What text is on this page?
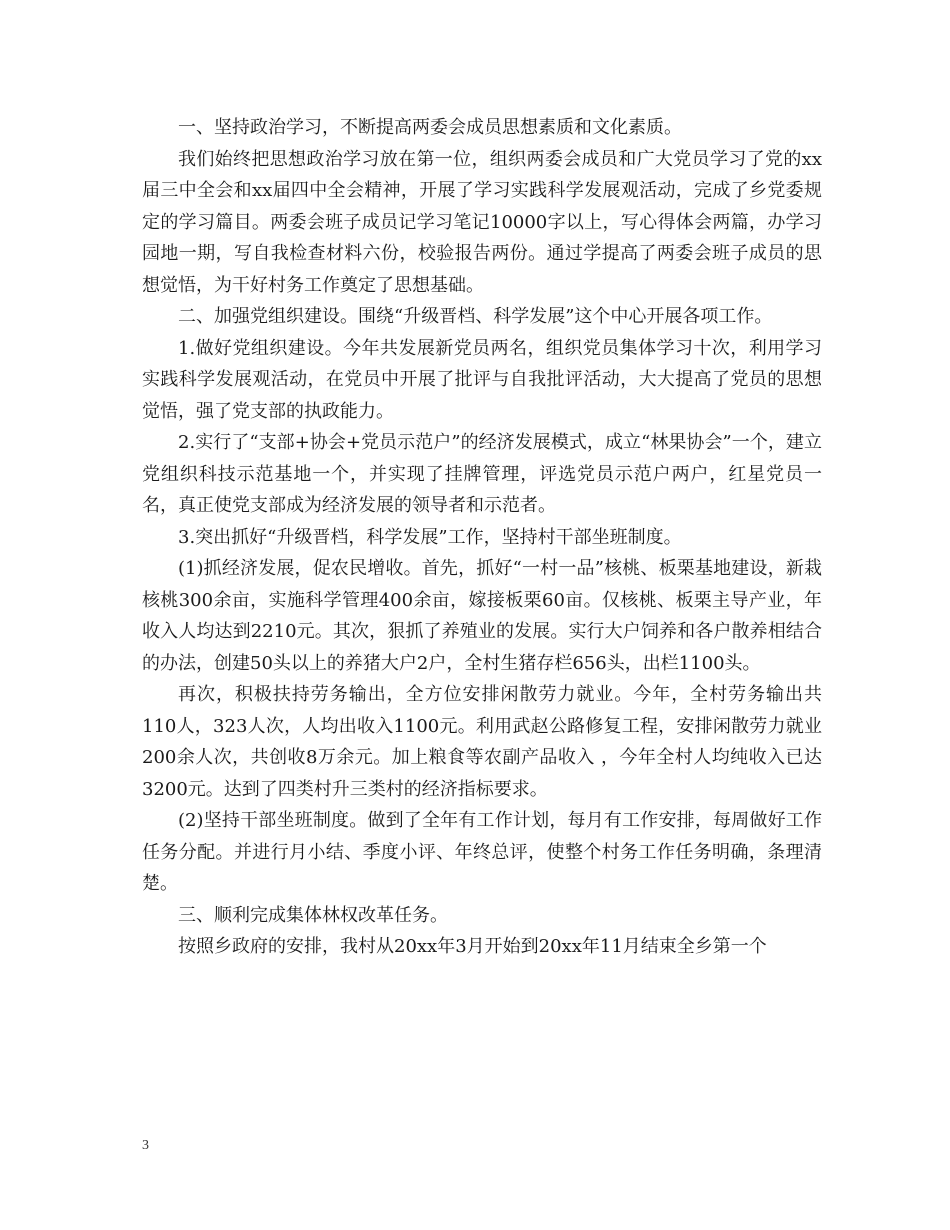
一、坚持政治学习，不断提高两委会成员思想素质和文化素质。

我们始终把思想政治学习放在第一位，组织两委会成员和广大党员学习了党的xx届三中全会和xx届四中全会精神，开展了学习实践科学发展观活动，完成了乡党委规定的学习篇目。两委会班子成员记学习笔记10000字以上，写心得体会两篇，办学习园地一期，写自我检查材料六份，校验报告两份。通过学提高了两委会班子成员的思想觉悟，为干好村务工作奠定了思想基础。

二、加强党组织建设。围绕“升级晋档、科学发展”这个中心开展各项工作。

1.做好党组织建设。今年共发展新党员两名，组织党员集体学习十次，利用学习实践科学发展观活动，在党员中开展了批评与自我批评活动，大大提高了党员的思想觉悟，强了党支部的执政能力。

2.实行了“支部+协会+党员示范户”的经济发展模式，成立“林果协会”一个，建立党组织科技示范基地一个，并实现了挂牌管理，评选党员示范户两户，红星党员一名，真正使党支部成为经济发展的领导者和示范者。

3.突出抓好“升级晋档，科学发展”工作，坚持村干部坐班制度。

(1)抓经济发展，促农民增收。首先，抓好“一村一品”核桃、板栗基地建设，新栽核桃300余亩，实施科学管理400余亩，嫁接板栗60亩。仅核桃、板栗主导产业，年收入人均达到2210元。其次，狠抓了养殖业的发展。实行大户饲养和各户散养相结合的办法，创建50头以上的养猪大户2户，全村生猪存栏656头，出栏1100头。

再次，积极扶持劳务输出，全方位安排闲散劳力就业。今年，全村劳务输出共110人，323人次，人均出收入1100元。利用武赵公路修复工程，安排闲散劳力就业200余人次，共创收8万余元。加上粮食等农副产品收入 ，今年全村人均纯收入已达3200元。达到了四类村升三类村的经济指标要求。

(2)坚持干部坐班制度。做到了全年有工作计划，每月有工作安排，每周做好工作任务分配。并进行月小结、季度小评、年终总评，使整个村务工作任务明确，条理清楚。

三、顺利完成集体林权改革任务。

按照乡政府的安排，我村从20xx年3月开始到20xx年11月结束全乡第一个

3
